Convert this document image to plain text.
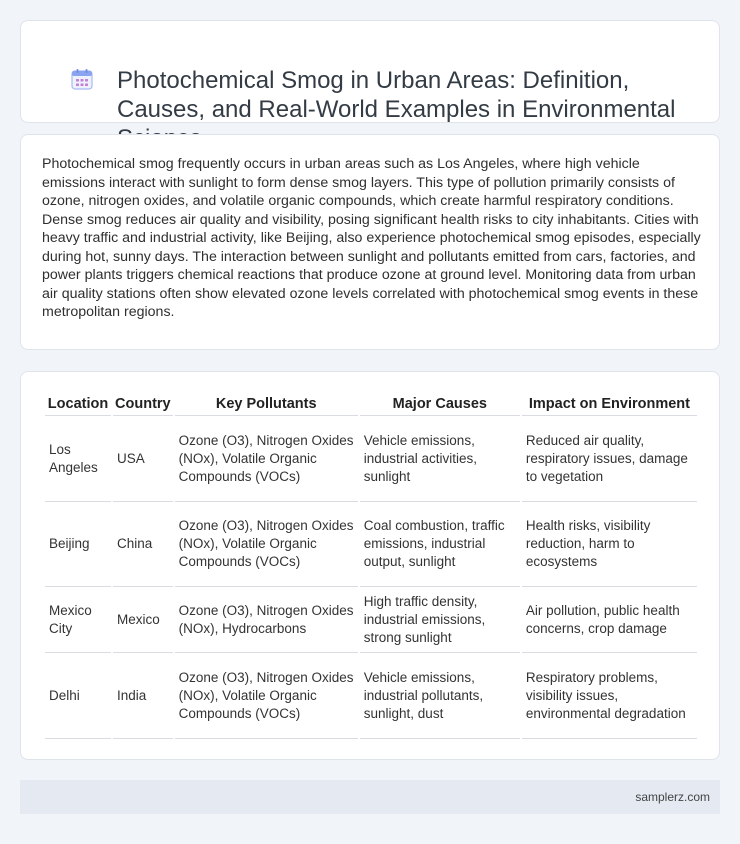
Photochemical Smog in Urban Areas: Definition, Causes, and Real-World Examples in Environmental

Photochemical smog frequently occurs in urban areas such as Los Angeles, where high vehicle emissions interact with sunlight to form dense smog layers. This type of pollution primarily consists of ozone, nitrogen oxides, and volatile organic compounds, which create harmful respiratory conditions. Dense smog reduces air quality and visibility, posing significant health risks to city inhabitants. Cities with heavy traffic and industrial activity, like Beijing, also experience photochemical smog episodes, especially during hot, sunny days. The interaction between sunlight and pollutants emitted from cars, factories, and power plants triggers chemical reactions that produce ozone at ground level. Monitoring data from urban air quality stations often show elevated ozone levels correlated with photochemical smog events in these metropolitan regions.

Location	Country	Key Pollutants	Major Causes	Impact on Environment
Los Angeles	USA	Ozone (O3), Nitrogen Oxides (NOx), Volatile Organic Compounds (VOCs)	Vehicle emissions, industrial activities, sunlight	Reduced air quality, respiratory issues, damage to vegetation
Beijing	China	Ozone (O3), Nitrogen Oxides (NOx), Volatile Organic Compounds (VOCs)	Coal combustion, traffic emissions, industrial output, sunlight	Health risks, visibility reduction, harm to ecosystems
Mexico City	Mexico	Ozone (O3), Nitrogen Oxides (NOx), Hydrocarbons	High traffic density, industrial emissions, strong sunlight	Air pollution, public health concerns, crop damage
Delhi	India	Ozone (O3), Nitrogen Oxides (NOx), Volatile Organic Compounds (VOCs)	Vehicle emissions, industrial pollutants, sunlight, dust	Respiratory problems, visibility issues, environmental degradation
samplerz.com
